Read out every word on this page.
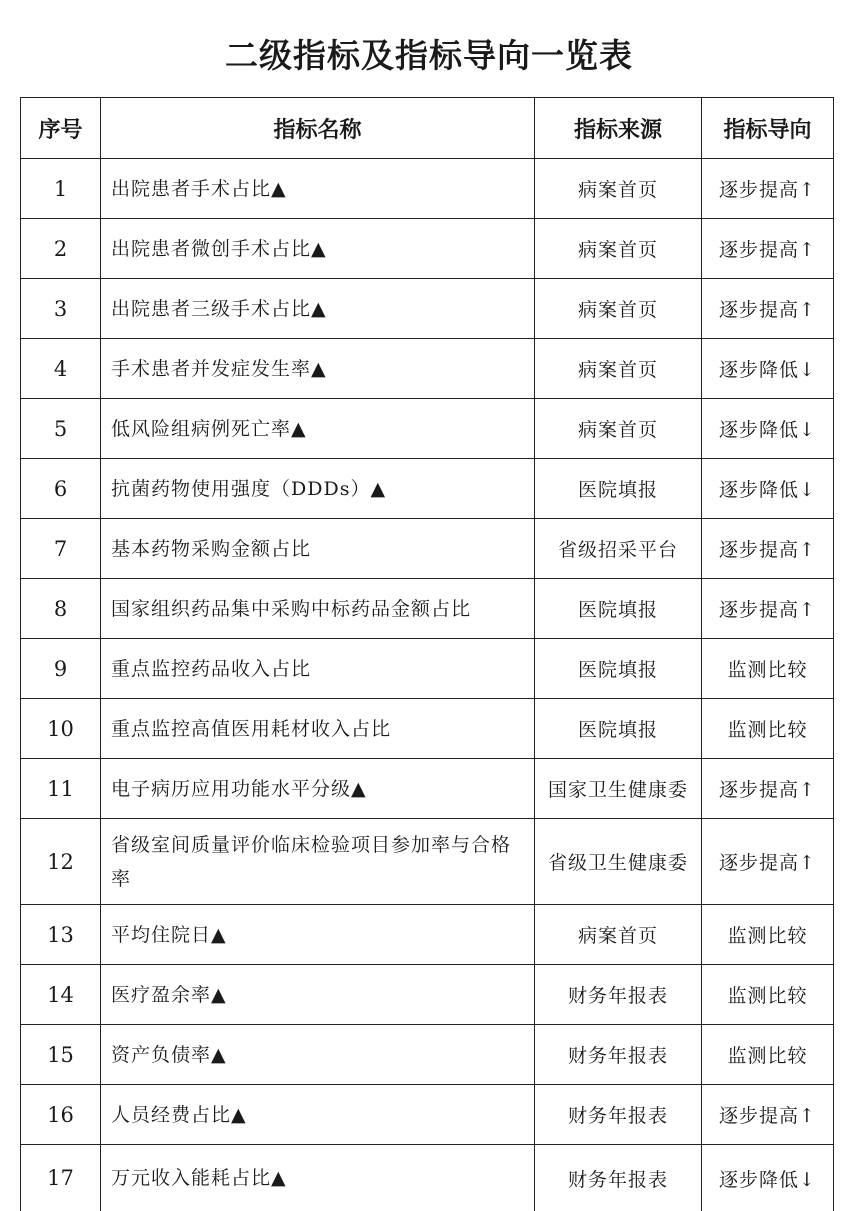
二级指标及指标导向一览表
序号	指标名称	指标来源	指标导向
1	出院患者手术占比▲	病案首页	逐步提高↑
2	出院患者微创手术占比▲	病案首页	逐步提高↑
3	出院患者三级手术占比▲	病案首页	逐步提高↑
4	手术患者并发症发生率▲	病案首页	逐步降低↓
5	低风险组病例死亡率▲	病案首页	逐步降低↓
6	抗菌药物使用强度（DDDs）▲	医院填报	逐步降低↓
7	基本药物采购金额占比	省级招采平台	逐步提高↑
8	国家组织药品集中采购中标药品金额占比	医院填报	逐步提高↑
9	重点监控药品收入占比	医院填报	监测比较
10	重点监控高值医用耗材收入占比	医院填报	监测比较
11	电子病历应用功能水平分级▲	国家卫生健康委	逐步提高↑
12	省级室间质量评价临床检验项目参加率与合格率	省级卫生健康委	逐步提高↑
13	平均住院日▲	病案首页	监测比较
14	医疗盈余率▲	财务年报表	监测比较
15	资产负债率▲	财务年报表	监测比较
16	人员经费占比▲	财务年报表	逐步提高↑
17	万元收入能耗占比▲	财务年报表	逐步降低↓
